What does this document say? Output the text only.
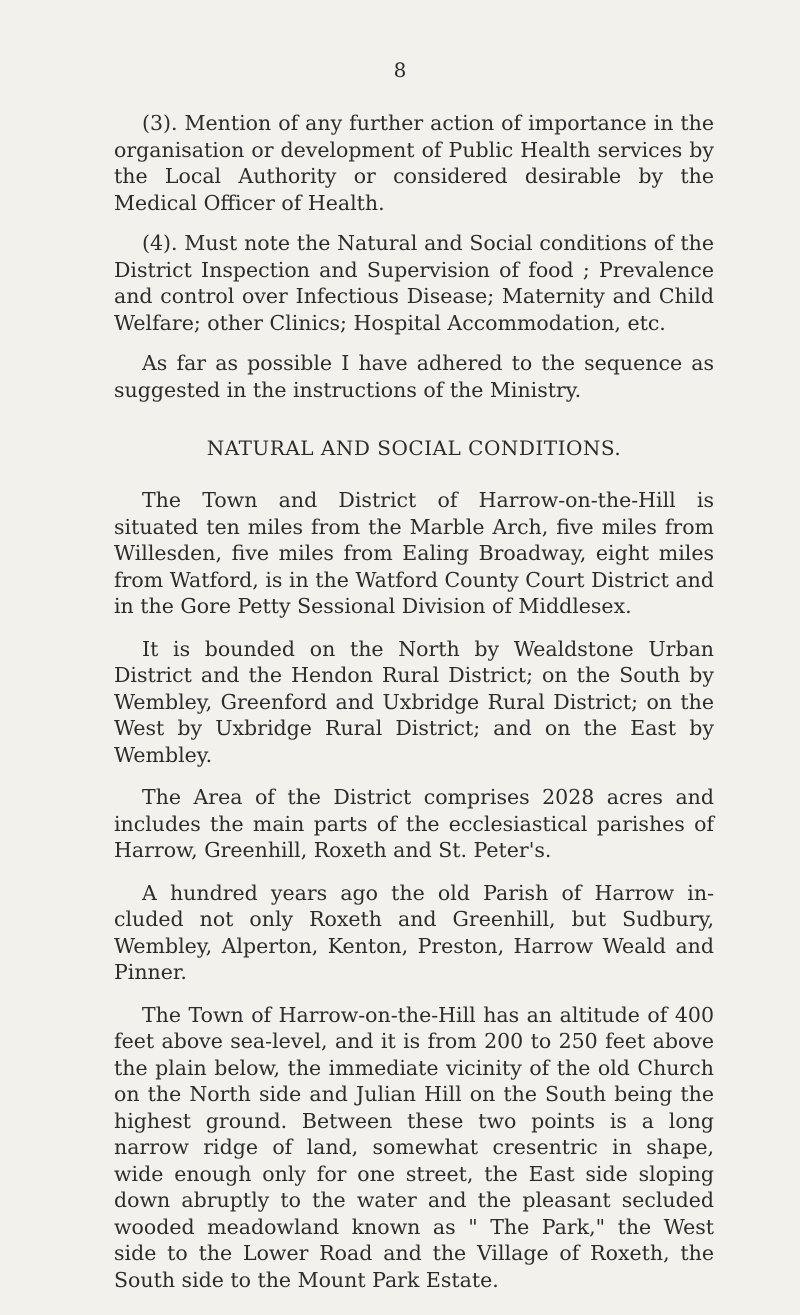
8

(3). Mention of any further action of importance in the organisation or development of Public Health services by the Local Authority or considered desirable by the Medical Officer of Health.

(4). Must note the Natural and Social conditions of the District Inspection and Supervision of food ; Prevalence and control over Infectious Disease; Maternity and Child Welfare; other Clinics; Hospital Accommodation, etc.

As far as possible I have adhered to the sequence as suggested in the instructions of the Ministry.

NATURAL AND SOCIAL CONDITIONS.

The Town and District of Harrow-on-the-Hill is situated ten miles from the Marble Arch, five miles from Willesden, five miles from Ealing Broadway, eight miles from Watford, is in the Watford County Court District and in the Gore Petty Sessional Division of Middlesex.

It is bounded on the North by Wealdstone Urban District and the Hendon Rural District; on the South by Wembley, Greenford and Uxbridge Rural District; on the West by Uxbridge Rural District; and on the East by Wembley.

The Area of the District comprises 2028 acres and includes the main parts of the ecclesiastical parishes of Harrow, Greenhill, Roxeth and St. Peter's.

A hundred years ago the old Parish of Harrow included not only Roxeth and Greenhill, but Sudbury, Wembley, Alperton, Kenton, Preston, Harrow Weald and Pinner.

The Town of Harrow-on-the-Hill has an altitude of 400 feet above sea-level, and it is from 200 to 250 feet above the plain below, the immediate vicinity of the old Church on the North side and Julian Hill on the South being the highest ground. Between these two points is a long narrow ridge of land, somewhat cresentric in shape, wide enough only for one street, the East side sloping down abruptly to the water and the pleasant secluded wooded meadowland known as " The Park," the West side to the Lower Road and the Village of Roxeth, the South side to the Mount Park Estate.
